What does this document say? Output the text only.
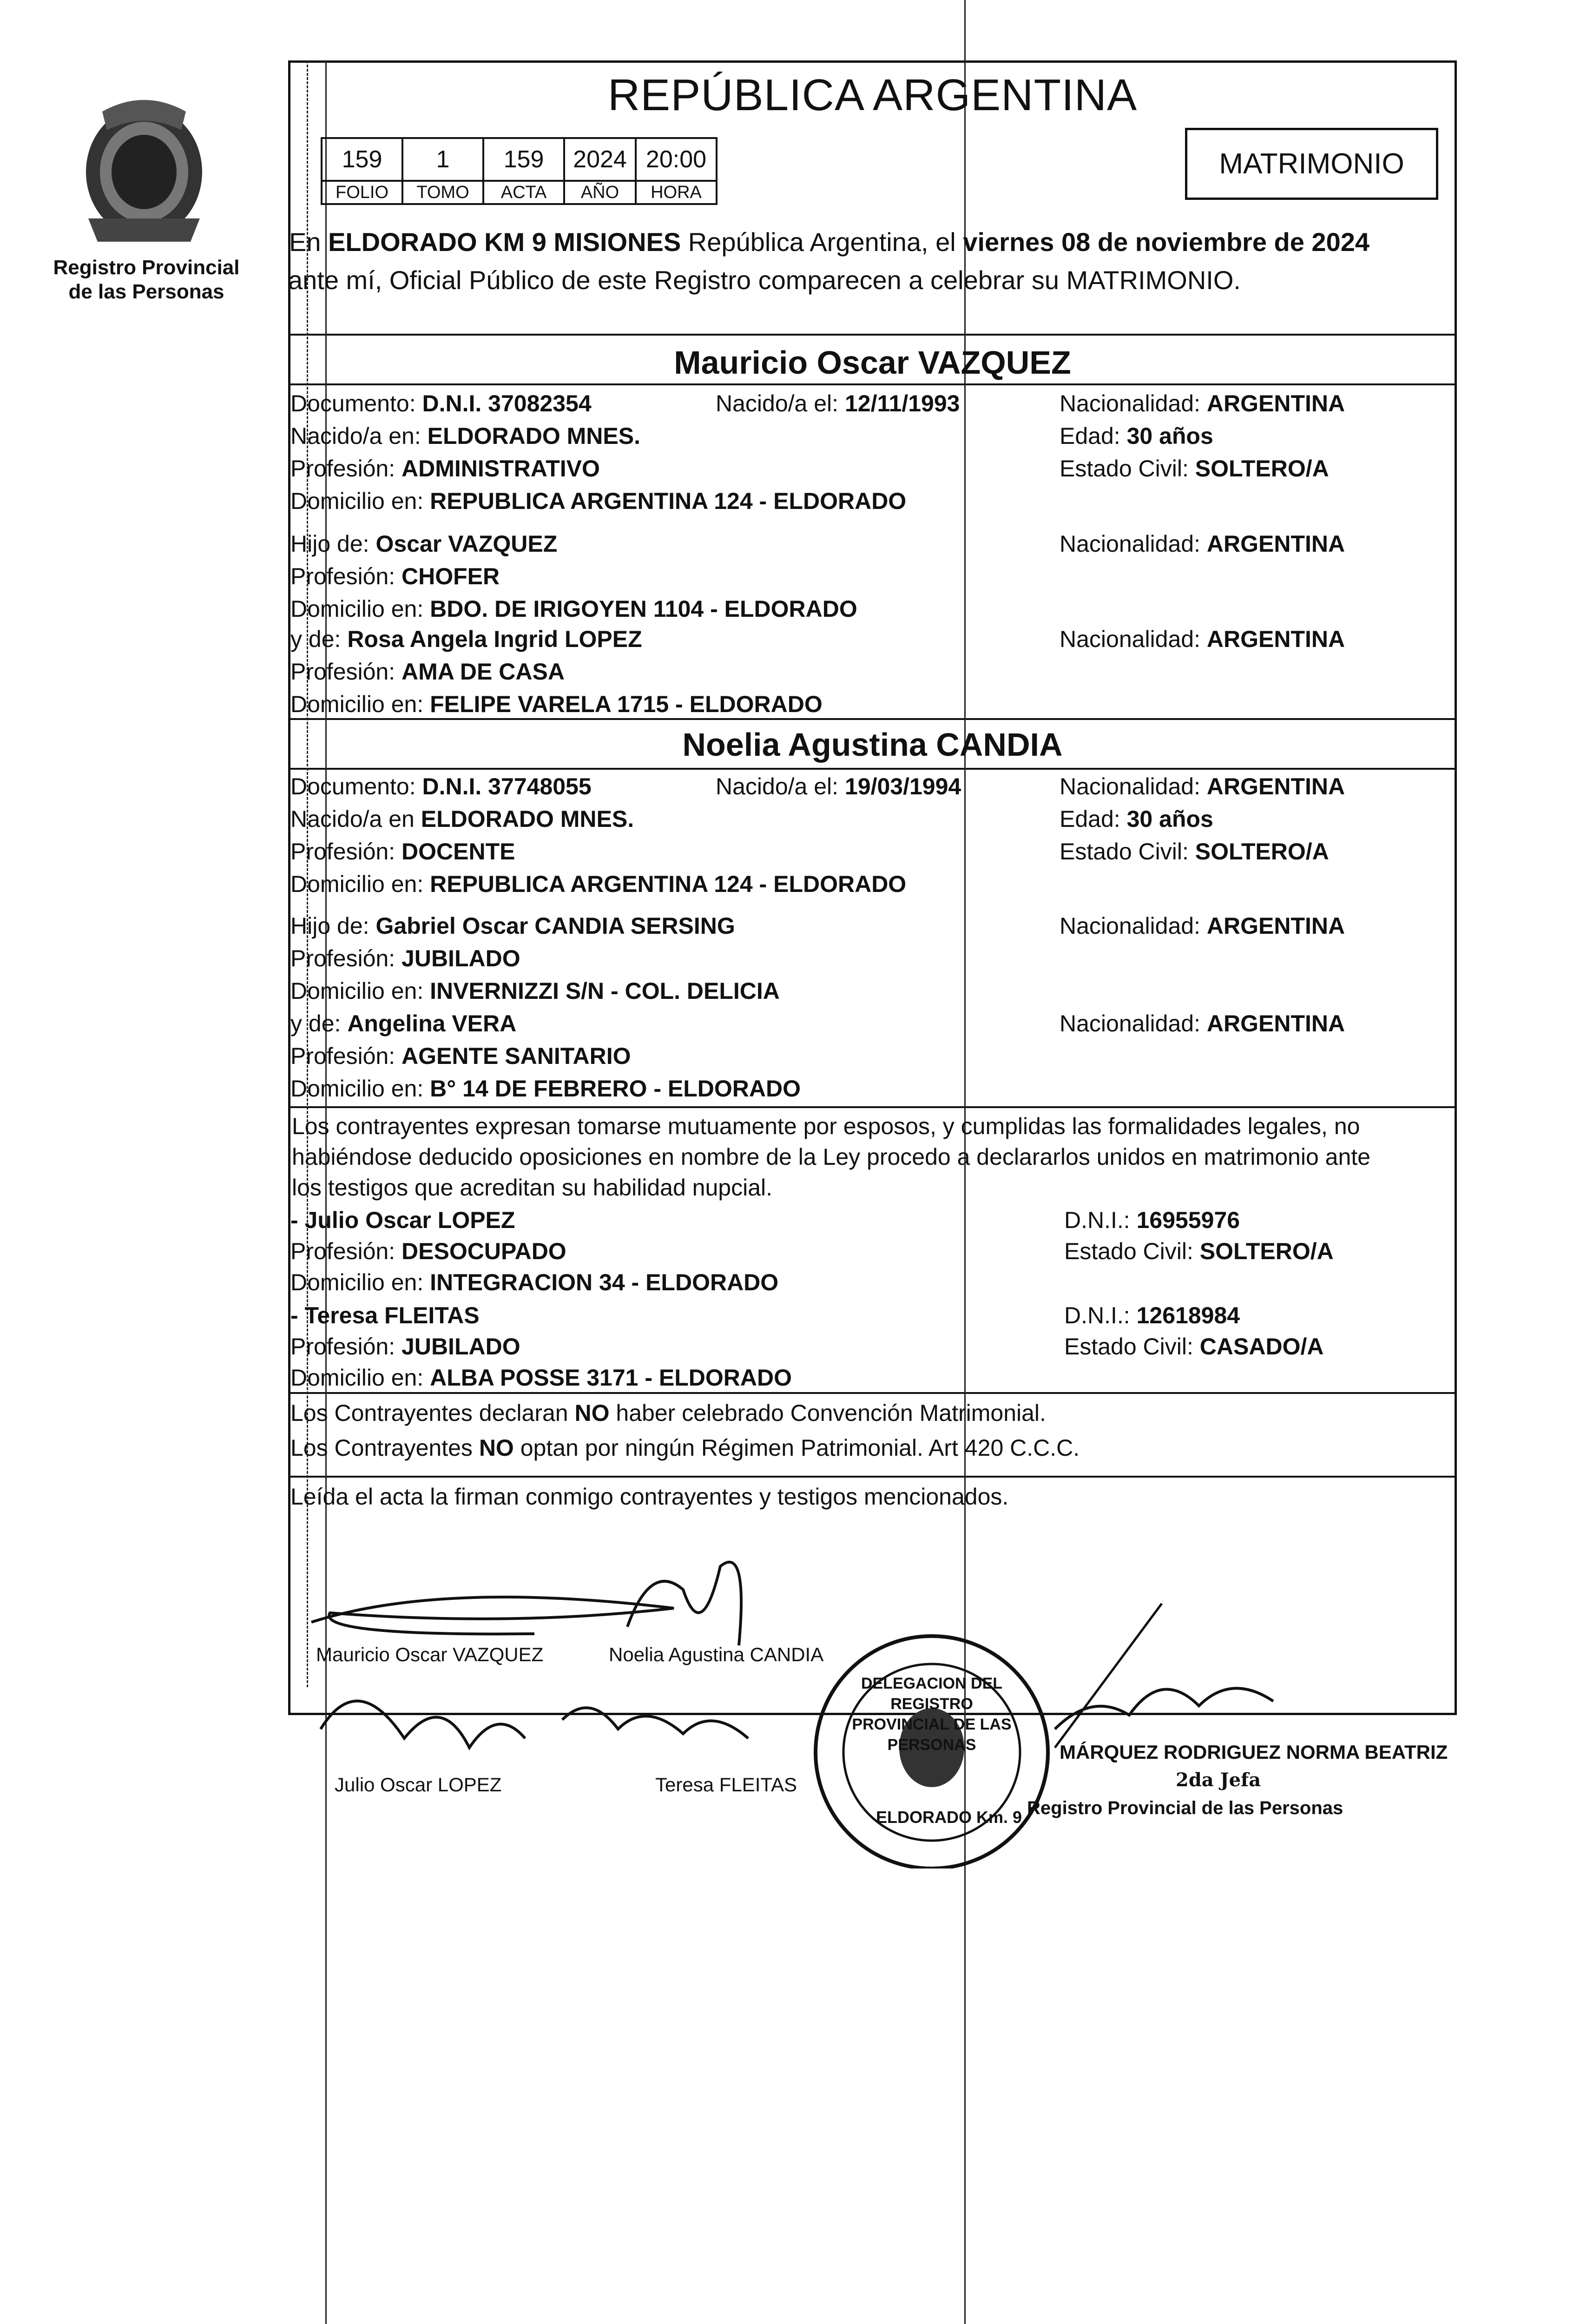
Registro Provincial
de las Personas
REPÚBLICA ARGENTINA
159	1	159	2024	20:00
FOLIO	TOMO	ACTA	AÑO	HORA
MATRIMONIO
En ELDORADO KM 9 MISIONES República Argentina, el viernes 08 de noviembre de 2024
ante mí, Oficial Público de este Registro comparecen a celebrar su MATRIMONIO.
Mauricio Oscar VAZQUEZ
Documento: D.N.I. 37082354	Nacido/a el: 12/11/1993	Nacionalidad: ARGENTINA
Nacido/a en: ELDORADO MNES.	Edad: 30 años
Profesión: ADMINISTRATIVO	Estado Civil: SOLTERO/A
Domicilio en: REPUBLICA ARGENTINA 124 - ELDORADO
Hijo de: Oscar VAZQUEZ	Nacionalidad: ARGENTINA
Profesión: CHOFER
Domicilio en: BDO. DE IRIGOYEN 1104 - ELDORADO
y de: Rosa Angela Ingrid LOPEZ	Nacionalidad: ARGENTINA
Profesión: AMA DE CASA
Domicilio en: FELIPE VARELA 1715 - ELDORADO
Noelia Agustina CANDIA
Documento: D.N.I. 37748055	Nacido/a el: 19/03/1994	Nacionalidad: ARGENTINA
Nacido/a en ELDORADO MNES.	Edad: 30 años
Profesión: DOCENTE	Estado Civil: SOLTERO/A
Domicilio en: REPUBLICA ARGENTINA 124 - ELDORADO
Hijo de: Gabriel Oscar CANDIA SERSING	Nacionalidad: ARGENTINA
Profesión: JUBILADO
Domicilio en: INVERNIZZI S/N - COL. DELICIA
y de: Angelina VERA	Nacionalidad: ARGENTINA
Profesión: AGENTE SANITARIO
Domicilio en: B° 14 DE FEBRERO - ELDORADO
Los contrayentes expresan tomarse mutuamente por esposos, y cumplidas las formalidades legales, no
habiéndose deducido oposiciones en nombre de la Ley procedo a declararlos unidos en matrimonio ante
los testigos que acreditan su habilidad nupcial.
- Julio Oscar LOPEZ	D.N.I.: 16955976
Profesión: DESOCUPADO	Estado Civil: SOLTERO/A
Domicilio en: INTEGRACION 34 - ELDORADO
- Teresa FLEITAS	D.N.I.: 12618984
Profesión: JUBILADO	Estado Civil: CASADO/A
Domicilio en: ALBA POSSE 3171 - ELDORADO
Los Contrayentes declaran NO haber celebrado Convención Matrimonial.
Los Contrayentes NO optan por ningún Régimen Patrimonial. Art 420 C.C.C.
Leída el acta la firman conmigo contrayentes y testigos mencionados.
Mauricio Oscar VAZQUEZ	Noelia Agustina CANDIA
Julio Oscar LOPEZ	Teresa FLEITAS
DELEGACION DEL REGISTRO PROVINCIAL DE LAS PERSONAS
ELDORADO Km. 9
MÁRQUEZ RODRIGUEZ NORMA BEATRIZ
2da Jefa
Registro Provincial de las Personas
